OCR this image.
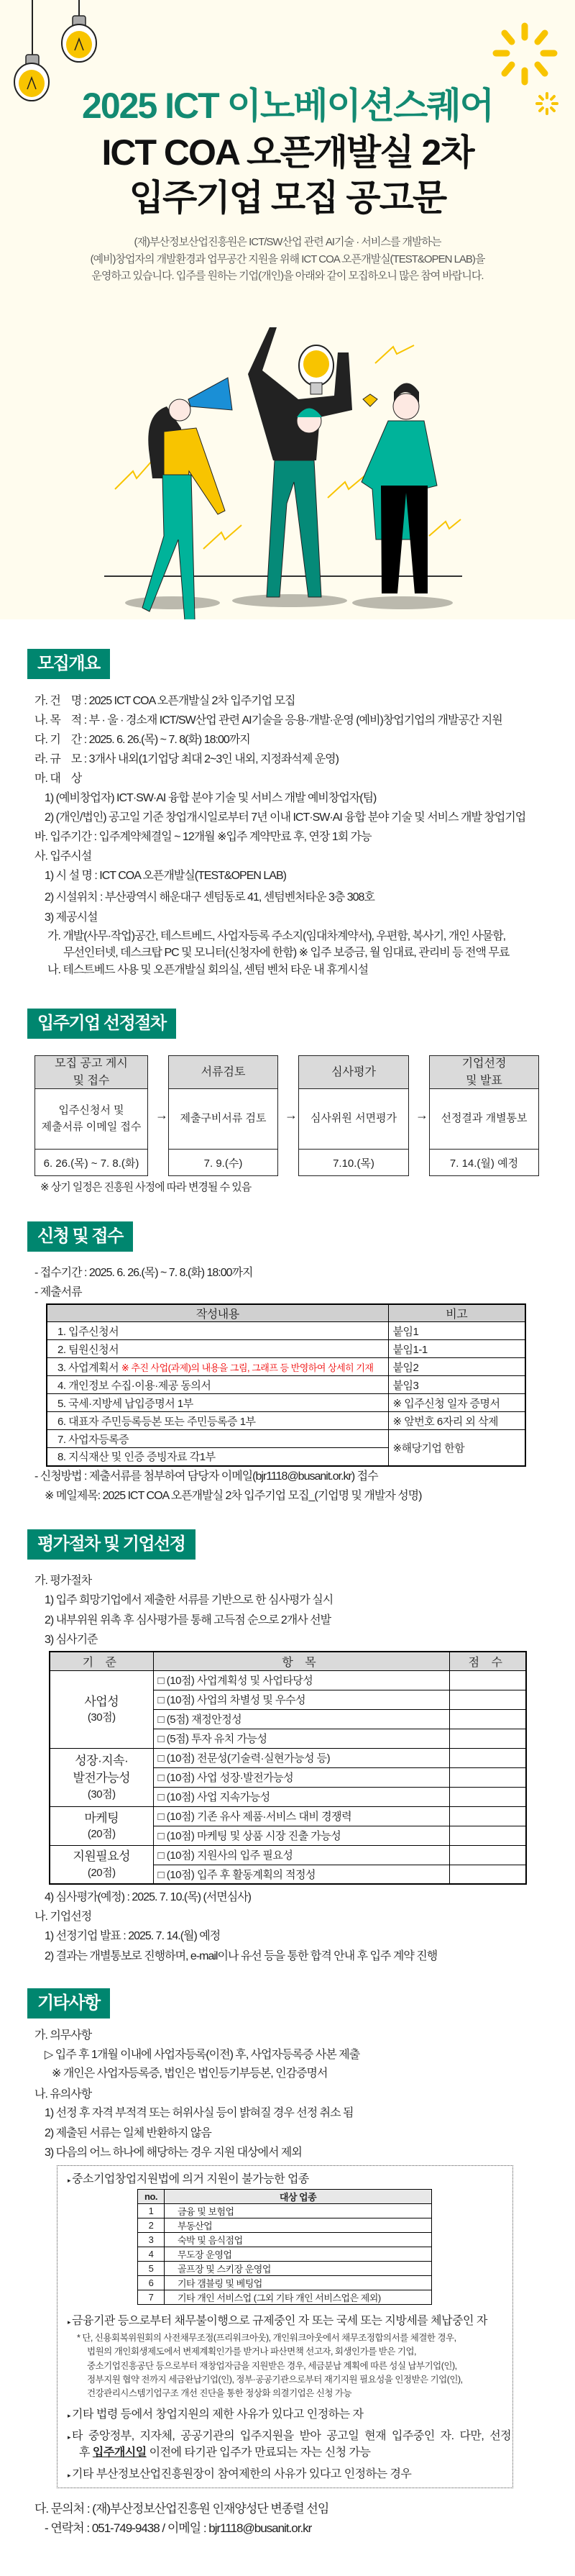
2025 ICT 이노베이션스퀘어
ICT COA 오픈개발실 2차
입주기업 모집 공고문
(재)부산정보산업진흥원은 ICT/SW산업 관련 AI기술 · 서비스를 개발하는
(예비)창업자의 개발환경과 업무공간 지원을 위해 ICT COA 오픈개발실(TEST&OPEN LAB)을
운영하고 있습니다. 입주를 원하는 기업(개인)을 아래와 같이 모집하오니 많은 참여 바랍니다.
모집개요
가. 건　명 : 2025 ICT COA 오픈개발실 2차 입주기업 모집
나. 목　적 : 부 · 울 · 경소재 ICT/SW산업 관련 AI기술을 응용·개발·운영 (예비)창업기업의 개발공간 지원
다. 기　간 : 2025. 6. 26.(목) ~ 7. 8(화) 18:00까지
라. 규　모 : 3개사 내외(1기업당 최대 2~3인 내외, 지정좌석제 운영)
마. 대　상
1) (예비창업자) ICT·SW·AI 융합 분야 기술 및 서비스 개발 예비창업자(팀)
2) (개인/법인) 공고일 기준 창업개시일로부터 7년 이내 ICT·SW·AI 융합 분야 기술 및 서비스 개발 창업기업
바. 입주기간 : 입주계약체결일 ~ 12개월 ※입주 계약만료 후, 연장 1회 가능
사. 입주시설
1) 시 설 명 : ICT COA 오픈개발실(TEST&OPEN LAB)
2) 시설위치 : 부산광역시 해운대구 센텀동로 41, 센텀벤처타운 3층 308호
3) 제공시설
가. 개발(사무·작업)공간, 테스트베드, 사업자등록 주소지(임대차계약서), 우편함, 복사기, 개인 사물함,
무선인터넷, 데스크탑 PC 및 모니터(신청자에 한함) ※ 입주 보증금, 월 임대료, 관리비 등 전액 무료
나. 테스트베드 사용 및 오픈개발실 회의실, 센텀 벤처 타운 내 휴게시설
입주기업 선정절차
모집 공고 게시
및 접수
입주신청서 및
제출서류 이메일 접수
6. 26.(목) ~ 7. 8.(화)
→
서류검토
제출구비서류 검토
7. 9.(수)
→
심사평가
심사위원 서면평가
7.10.(목)
→
기업선정
및 발표
선정결과 개별통보
7. 14.(월) 예정
※ 상기 일정은 진흥원 사정에 따라 변경될 수 있음
신청 및 접수
- 접수기간 : 2025. 6. 26.(목) ~ 7. 8.(화) 18:00까지
- 제출서류
작성내용	비고
1. 입주신청서	붙임1
2. 팀원신청서	붙임1-1
3. 사업계획서 ※ 추진 사업(과제)의 내용을 그림, 그래프 등 반영하여 상세히 기재	붙임2
4. 개인정보 수집·이용·제공 동의서	붙임3
5. 국세·지방세 납입증명서 1부	※ 입주신청 일자 증명서
6. 대표자 주민등록등본 또는 주민등록증 1부	※ 앞번호 6자리 외 삭제
7. 사업자등록증	※해당기업 한함
8. 지식재산 및 인증 증빙자료 각1부	
- 신청방법 : 제출서류를 첨부하여 담당자 이메일(bjr1118@busanit.or.kr) 접수
※ 메일제목: 2025 ICT COA 오픈개발실 2차 입주기업 모집_(기업명 및 개발자 성명)
평가절차 및 기업선정
가. 평가절차
1) 입주 희망기업에서 제출한 서류를 기반으로 한 심사평가 실시
2) 내부위원 위촉 후 심사평가를 통해 고득점 순으로 2개사 선발
3) 심사기준
기 준	항 목	점 수

사업성
(30점)	□ (10점) 사업계획성 및 사업타당성	
	□ (10점) 사업의 차별성 및 우수성	
	□ (5점) 재정안정성	
	□ (5점) 투자 유치 가능성	

성장·지속·
발전가능성
(30점)	□ (10점) 전문성(기술력·실현가능성 등)	
	□ (10점) 사업 성장·발전가능성	
	□ (10점) 사업 지속가능성	

마케팅
(20점)	□ (10점) 기존 유사 제품·서비스 대비 경쟁력	
	□ (10점) 마케팅 및 상품 시장 진출 가능성	

지원필요성
(20점)	□ (10점) 지원사의 입주 필요성	
	□ (10점) 입주 후 활동계획의 적정성	
4) 심사평가(예정) : 2025. 7. 10.(목) (서면심사)
나. 기업선정
1) 선정기업 발표 : 2025. 7. 14.(월) 예정
2) 결과는 개별통보로 진행하며, e-mail이나 유선 등을 통한 합격 안내 후 입주 계약 진행
기타사항
가. 의무사항
▷ 입주 후 1개월 이내에 사업자등록(이전) 후, 사업자등록증 사본 제출
※ 개인은 사업자등록증, 법인은 법인등기부등본, 인감증명서
나. 유의사항
1) 선정 후 자격 부적격 또는 허위사실 등이 밝혀질 경우 선정 취소 됨
2) 제출된 서류는 일체 반환하지 않음
3) 다음의 어느 하나에 해당하는 경우 지원 대상에서 제외
▸ 중소기업창업지원법에 의거 지원이 불가능한 업종
no.	대상 업종
1	금융 및 보험업
2	부동산업
3	숙박 및 음식점업
4	무도장 운영업
5	골프장 및 스키장 운영업
6	기타 갬블링 및 베팅업
7	기타 개인 서비스업 (그외 기타 개인 서비스업은 제외)
▸ 금융기관 등으로부터 채무불이행으로 규제중인 자 또는 국세 또는 지방세를 체납중인 자
* 단, 신용회복위원회의 사전채무조정(프리워크아웃), 개인워크아웃에서 채무조정합의서를 체결한 경우,
법원의 개인회생제도에서 변제계획인가를 받거나 파산면책 선고자, 회생인가를 받은 기업,
중소기업진흥공단 등으로부터 재창업자금을 지원받은 경우, 세금분납 계획에 따른 성실 납부기업(인),
정부지원 협약 전까지 세금완납기업(인), 정부·공공기관으로부터 재기지원 필요성을 인정받은 기업(인),
건강관리시스템기업구조 개선 진단을 통한 정상화 의결기업은 신청 가능
▸ 기타 법령 등에서 창업지원의 제한 사유가 있다고 인정하는 자
▸ 타  중앙정부,  지자체,  공공기관의  입주지원을  받아  공고일  현재  입주중인  자.  다만,  선정
후 입주개시일 이전에 타기관 입주가 만료되는 자는 신청 가능
▸ 기타 부산정보산업진흥원장이 참여제한의 사유가 있다고 인정하는 경우
다. 문의처 : (재)부산정보산업진흥원 인재양성단 변종렬 선임
- 연락처 : 051-749-9438 / 이메일 : bjr1118@busanit.or.kr
